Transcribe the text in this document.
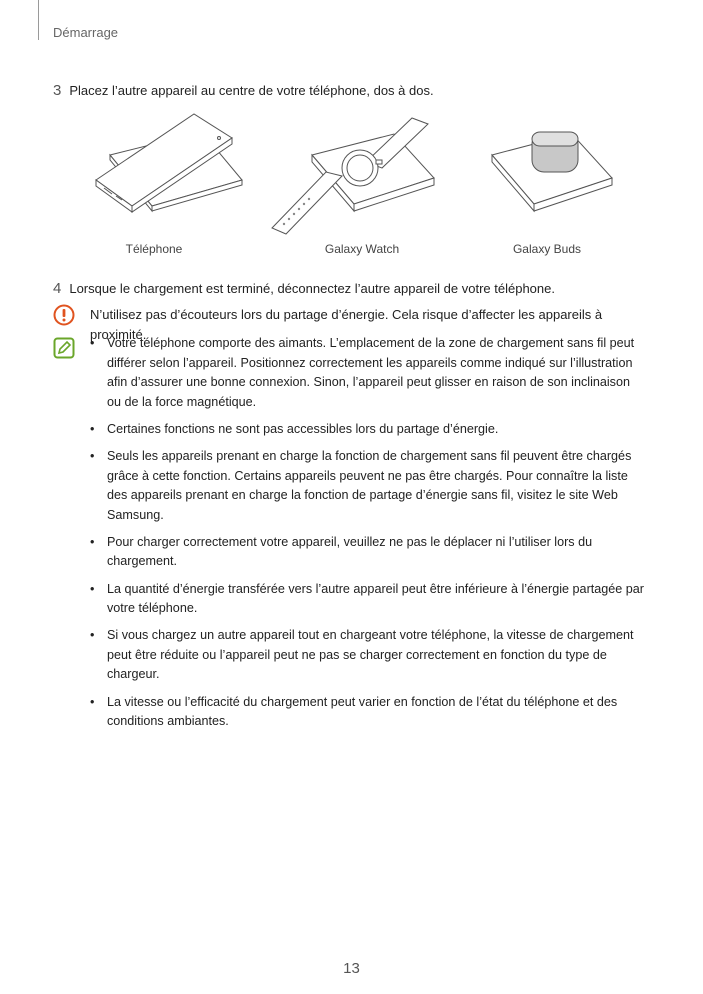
Démarrage
3 Placez l’autre appareil au centre de votre téléphone, dos à dos.
Téléphone	Galaxy Watch	Galaxy Buds
4 Lorsque le chargement est terminé, déconnectez l’autre appareil de votre téléphone.
N’utilisez pas d’écouteurs lors du partage d’énergie. Cela risque d’affecter les appareils à proximité.
• Votre téléphone comporte des aimants. L’emplacement de la zone de chargement sans fil peut différer selon l’appareil. Positionnez correctement les appareils comme indiqué sur l’illustration afin d’assurer une bonne connexion. Sinon, l’appareil peut glisser en raison de son inclinaison ou de la force magnétique.
• Certaines fonctions ne sont pas accessibles lors du partage d’énergie.
• Seuls les appareils prenant en charge la fonction de chargement sans fil peuvent être chargés grâce à cette fonction. Certains appareils peuvent ne pas être chargés. Pour connaître la liste des appareils prenant en charge la fonction de partage d’énergie sans fil, visitez le site Web Samsung.
• Pour charger correctement votre appareil, veuillez ne pas le déplacer ni l’utiliser lors du chargement.
• La quantité d’énergie transférée vers l’autre appareil peut être inférieure à l’énergie partagée par votre téléphone.
• Si vous chargez un autre appareil tout en chargeant votre téléphone, la vitesse de chargement peut être réduite ou l’appareil peut ne pas se charger correctement en fonction du type de chargeur.
• La vitesse ou l’efficacité du chargement peut varier en fonction de l’état du téléphone et des conditions ambiantes.
13
